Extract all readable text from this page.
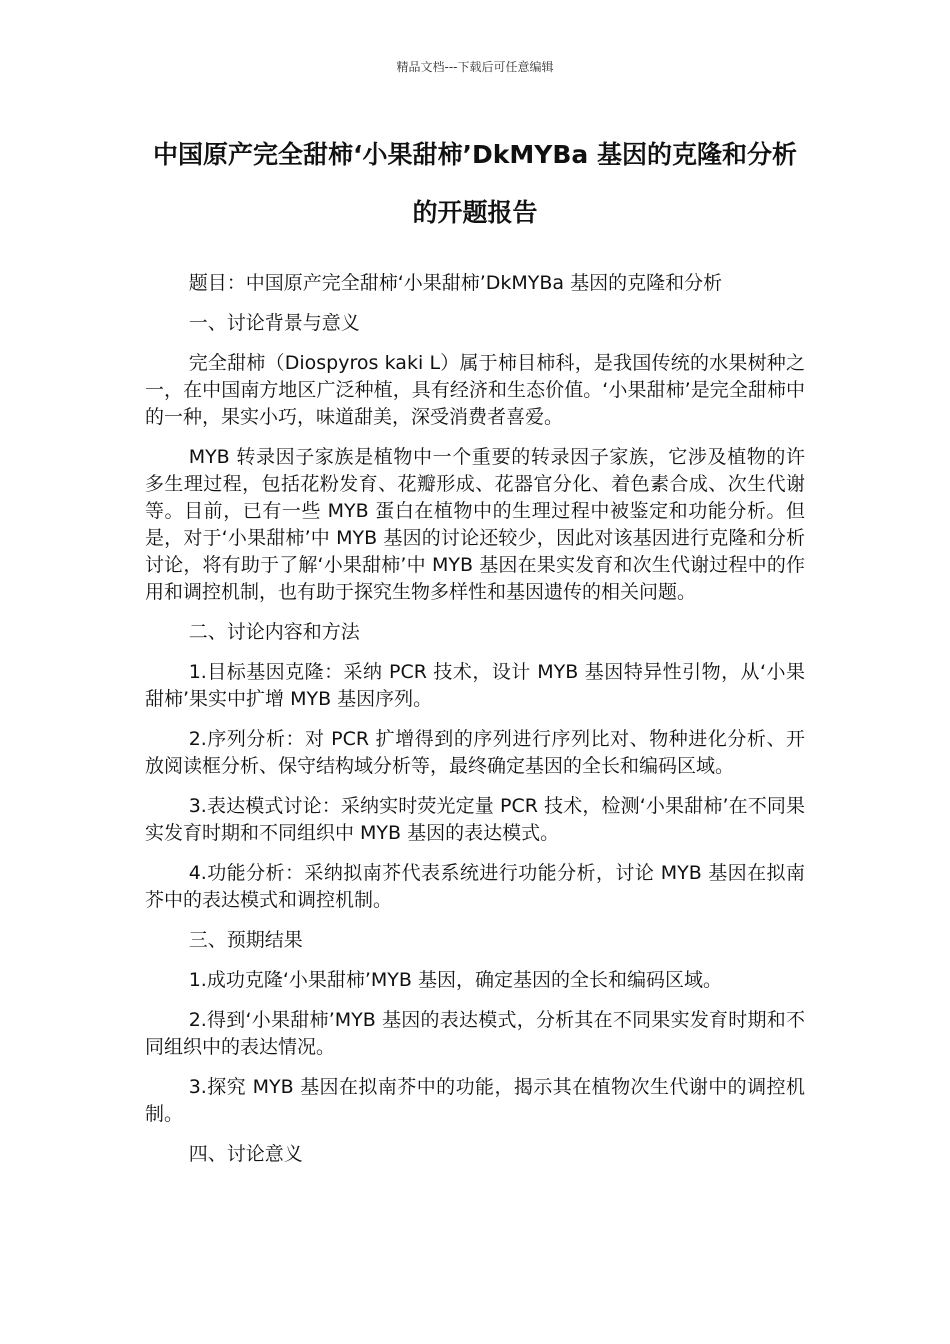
精品文档---下载后可任意编辑
中国原产完全甜柿‘小果甜柿’DkMYBa 基因的克隆和分析的开题报告

题目：中国原产完全甜柿‘小果甜柿’DkMYBa 基因的克隆和分析

一、讨论背景与意义

完全甜柿（Diospyros kaki L）属于柿目柿科，是我国传统的水果树种之一，在中国南方地区广泛种植，具有经济和生态价值。‘小果甜柿’是完全甜柿中的一种，果实小巧，味道甜美，深受消费者喜爱。

MYB 转录因子家族是植物中一个重要的转录因子家族，它涉及植物的许多生理过程，包括花粉发育、花瓣形成、花器官分化、着色素合成、次生代谢等。目前，已有一些 MYB 蛋白在植物中的生理过程中被鉴定和功能分析。但是，对于‘小果甜柿’中 MYB 基因的讨论还较少，因此对该基因进行克隆和分析讨论，将有助于了解‘小果甜柿’中 MYB 基因在果实发育和次生代谢过程中的作用和调控机制，也有助于探究生物多样性和基因遗传的相关问题。

二、讨论内容和方法

1.目标基因克隆：采纳 PCR 技术，设计 MYB 基因特异性引物，从‘小果甜柿’果实中扩增 MYB 基因序列。

2.序列分析：对 PCR 扩增得到的序列进行序列比对、物种进化分析、开放阅读框分析、保守结构域分析等，最终确定基因的全长和编码区域。

3.表达模式讨论：采纳实时荧光定量 PCR 技术，检测‘小果甜柿’在不同果实发育时期和不同组织中 MYB 基因的表达模式。

4.功能分析：采纳拟南芥代表系统进行功能分析，讨论 MYB 基因在拟南芥中的表达模式和调控机制。

三、预期结果

1.成功克隆‘小果甜柿’MYB 基因，确定基因的全长和编码区域。

2.得到‘小果甜柿’MYB 基因的表达模式，分析其在不同果实发育时期和不同组织中的表达情况。

3.探究 MYB 基因在拟南芥中的功能，揭示其在植物次生代谢中的调控机制。

四、讨论意义
